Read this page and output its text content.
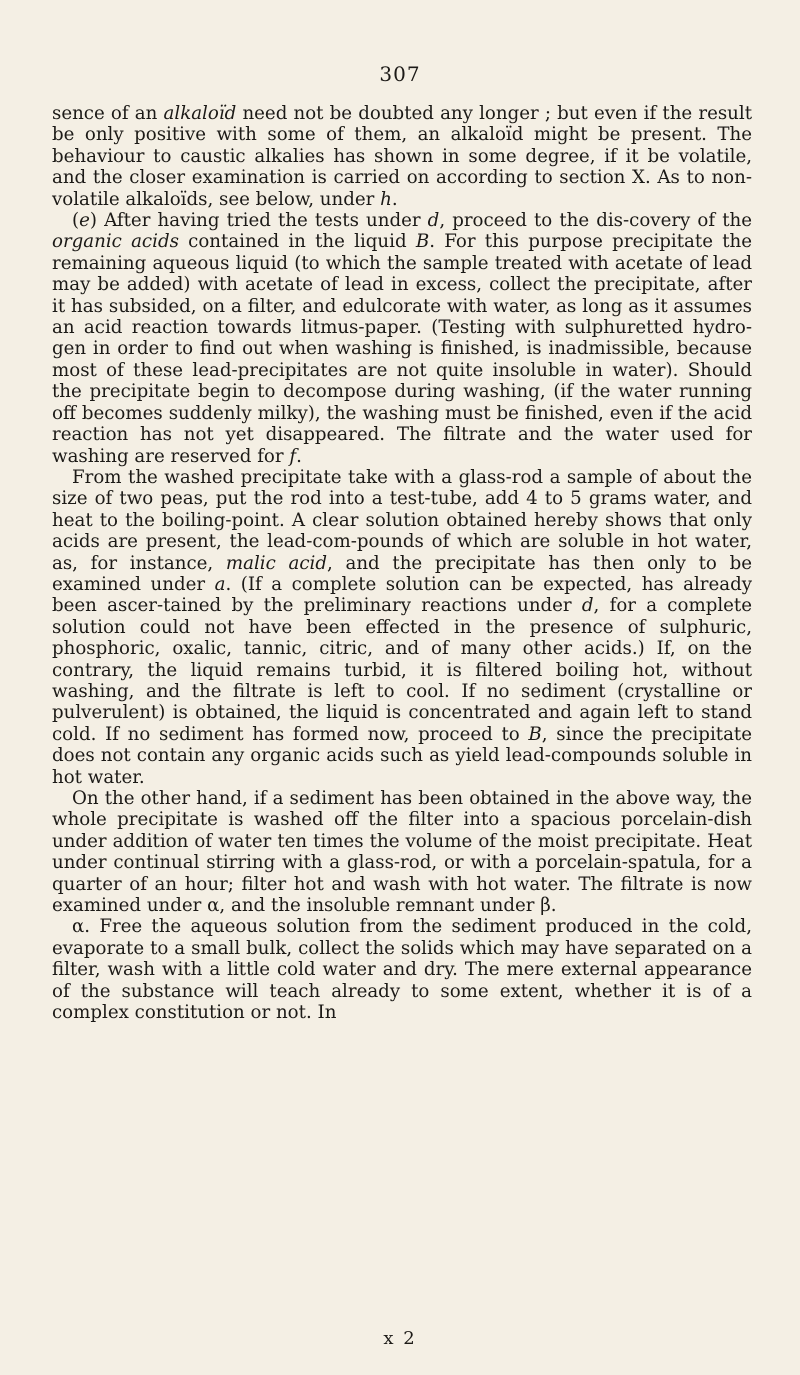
307

sence of an alkaloïd need not be doubted any longer ; but even if the result be only positive with some of them, an alkaloïd might be present. The behaviour to caustic alkalies has shown in some degree, if it be volatile, and the closer examination is carried on according to section X. As to non-volatile alkaloïds, see below, under h.

(e) After having tried the tests under d, proceed to the dis-covery of the organic acids contained in the liquid B. For this purpose precipitate the remaining aqueous liquid (to which the sample treated with acetate of lead may be added) with acetate of lead in excess, collect the precipitate, after it has subsided, on a filter, and edulcorate with water, as long as it assumes an acid reaction towards litmus-paper. (Testing with sulphuretted hydro-gen in order to find out when washing is finished, is inadmissible, because most of these lead-precipitates are not quite insoluble in water). Should the precipitate begin to decompose during washing, (if the water running off becomes suddenly milky), the washing must be finished, even if the acid reaction has not yet disappeared. The filtrate and the water used for washing are reserved for f.

From the washed precipitate take with a glass-rod a sample of about the size of two peas, put the rod into a test-tube, add 4 to 5 grams water, and heat to the boiling-point. A clear solution obtained hereby shows that only acids are present, the lead-com-pounds of which are soluble in hot water, as, for instance, malic acid, and the precipitate has then only to be examined under a. (If a complete solution can be expected, has already been ascer-tained by the preliminary reactions under d, for a complete solution could not have been effected in the presence of sulphuric, phosphoric, oxalic, tannic, citric, and of many other acids.) If, on the contrary, the liquid remains turbid, it is filtered boiling hot, without washing, and the filtrate is left to cool. If no sediment (crystalline or pulverulent) is obtained, the liquid is concentrated and again left to stand cold. If no sediment has formed now, proceed to B, since the precipitate does not contain any organic acids such as yield lead-compounds soluble in hot water.

On the other hand, if a sediment has been obtained in the above way, the whole precipitate is washed off the filter into a spacious porcelain-dish under addition of water ten times the volume of the moist precipitate. Heat under continual stirring with a glass-rod, or with a porcelain-spatula, for a quarter of an hour; filter hot and wash with hot water. The filtrate is now examined under α, and the insoluble remnant under β.

α. Free the aqueous solution from the sediment produced in the cold, evaporate to a small bulk, collect the solids which may have separated on a filter, wash with a little cold water and dry. The mere external appearance of the substance will teach already to some extent, whether it is of a complex constitution or not. In

x 2
